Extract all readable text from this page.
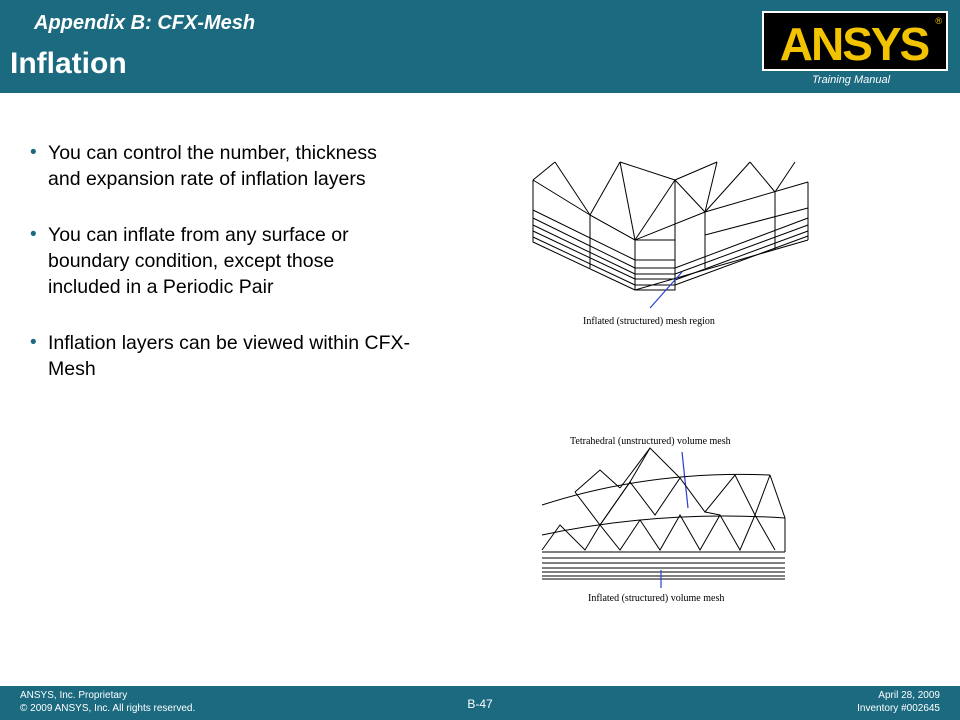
Appendix B: CFX-Mesh
Inflation	ANSYS ®
Training Manual
• You can control the number, thickness and expansion rate of inflation layers
• You can inflate from any surface or boundary condition, except those included in a Periodic Pair
• Inflation layers can be viewed within CFX-Mesh
Inflated (structured) mesh region
Tetrahedral (unstructured) volume mesh
Inflated (structured) volume mesh
ANSYS, Inc. Proprietary
© 2009 ANSYS, Inc. All rights reserved.	B-47
April 28, 2009
Inventory #002645
